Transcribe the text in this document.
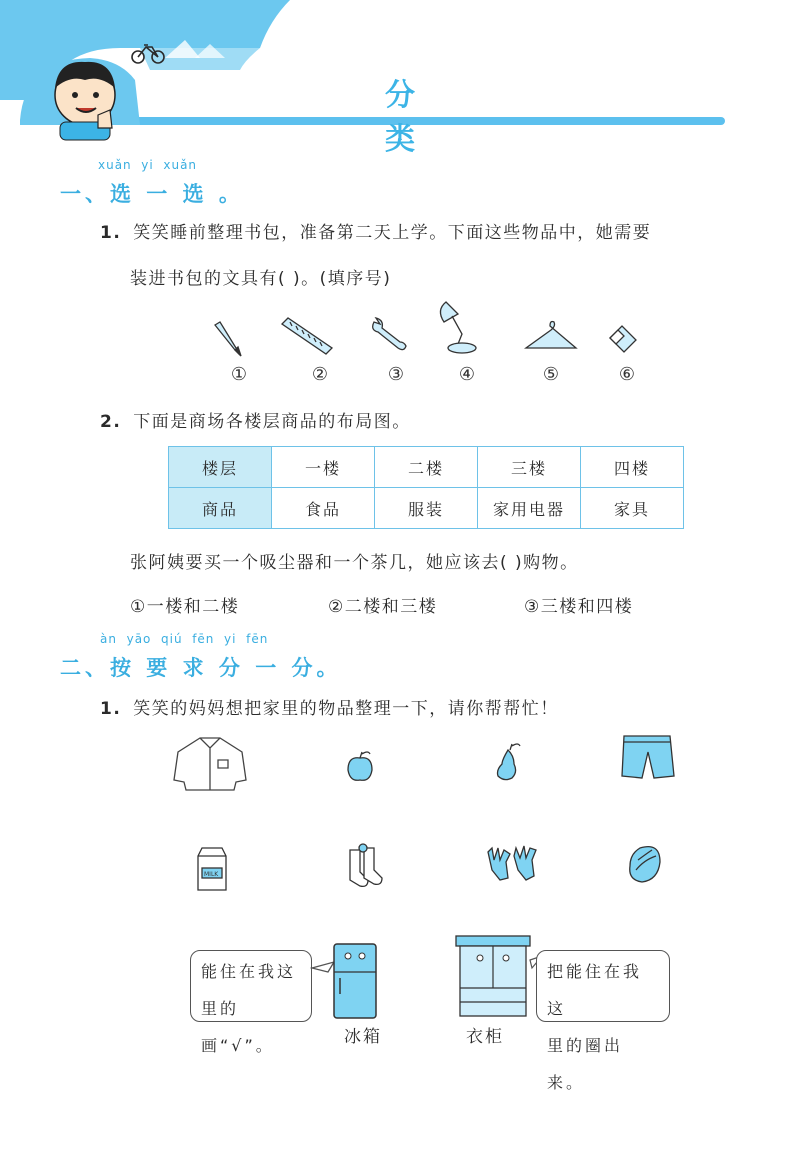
分 类
xuǎn  yi  xuǎn
一、选 一 选 。
1. 笑笑睡前整理书包，准备第二天上学。下面这些物品中，她需要
装进书包的文具有( )。(填序号)
①	②	③	④	⑤	⑥
2. 下面是商场各楼层商品的布局图。
楼层	一楼	二楼	三楼	四楼
商品	食品	服装	家用电器	家具
张阿姨要买一个吸尘器和一个茶几，她应该去( )购物。
①一楼和二楼	②二楼和三楼	③三楼和四楼
àn  yāo  qiú  fēn  yi  fēn
二、按 要 求 分 一 分。
1. 笑笑的妈妈想把家里的物品整理一下，请你帮帮忙！
MILK
能住在我这
里的画“√”。	冰箱
把能住在我这
里的圈出来。
衣柜
